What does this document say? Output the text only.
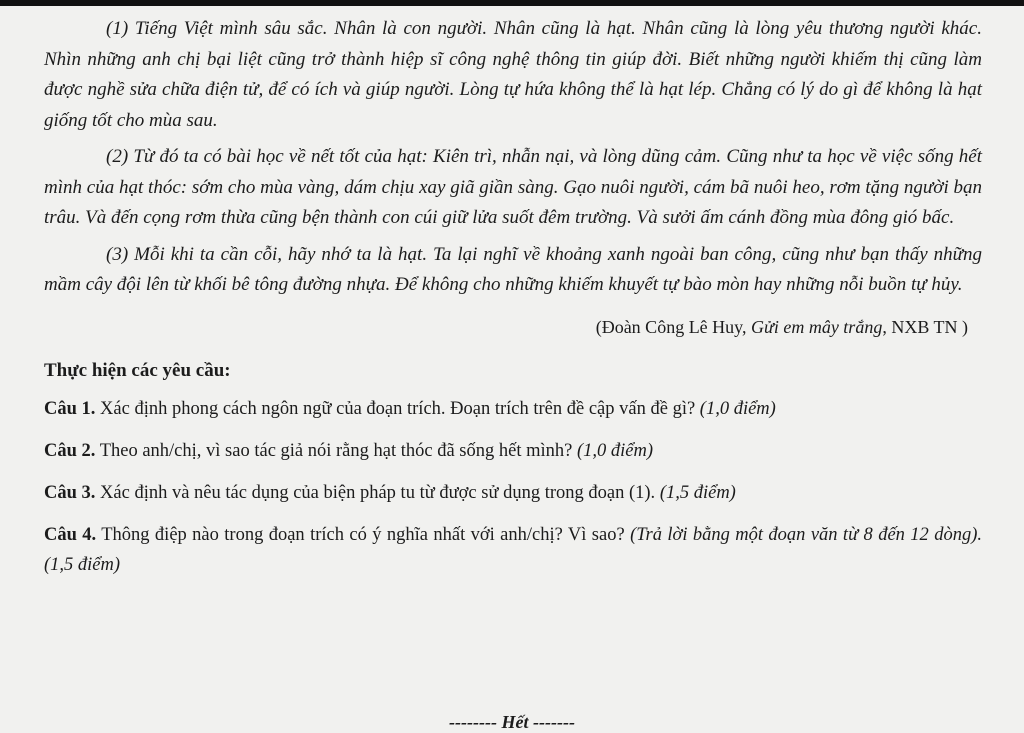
(1) Tiếng Việt mình sâu sắc. Nhân là con người. Nhân cũng là hạt. Nhân cũng là lòng yêu thương người khác. Nhìn những anh chị bại liệt cũng trở thành hiệp sĩ công nghệ thông tin giúp đời. Biết những người khiếm thị cũng làm được nghề sửa chữa điện tử, để có ích và giúp người. Lòng tự hứa không thể là hạt lép. Chẳng có lý do gì để không là hạt giống tốt cho mùa sau.

(2) Từ đó ta có bài học về nết tốt của hạt: Kiên trì, nhẫn nại, và lòng dũng cảm. Cũng như ta học về việc sống hết mình của hạt thóc: sớm cho mùa vàng, dám chịu xay giã giần sàng. Gạo nuôi người, cám bã nuôi heo, rơm tặng người bạn trâu. Và đến cọng rơm thừa cũng bện thành con cúi giữ lửa suốt đêm trường. Và sưởi ấm cánh đồng mùa đông gió bấc.

(3) Mỗi khi ta cần cỗi, hãy nhớ ta là hạt. Ta lại nghĩ về khoảng xanh ngoài ban công, cũng như bạn thấy những mầm cây đội lên từ khối bê tông đường nhựa. Để không cho những khiếm khuyết tự bào mòn hay những nỗi buồn tự hủy.

(Đoàn Công Lê Huy, Gửi em mây trắng, NXB TN )

Thực hiện các yêu cầu:

Câu 1. Xác định phong cách ngôn ngữ của đoạn trích. Đoạn trích trên đề cập vấn đề gì? (1,0 điểm)

Câu 2. Theo anh/chị, vì sao tác giả nói rằng hạt thóc đã sống hết mình? (1,0 điểm)

Câu 3. Xác định và nêu tác dụng của biện pháp tu từ được sử dụng trong đoạn (1). (1,5 điểm)

Câu 4. Thông điệp nào trong đoạn trích có ý nghĩa nhất với anh/chị? Vì sao? (Trả lời bằng một đoạn văn từ 8 đến 12 dòng). (1,5 điểm)

-------- Hết -------
